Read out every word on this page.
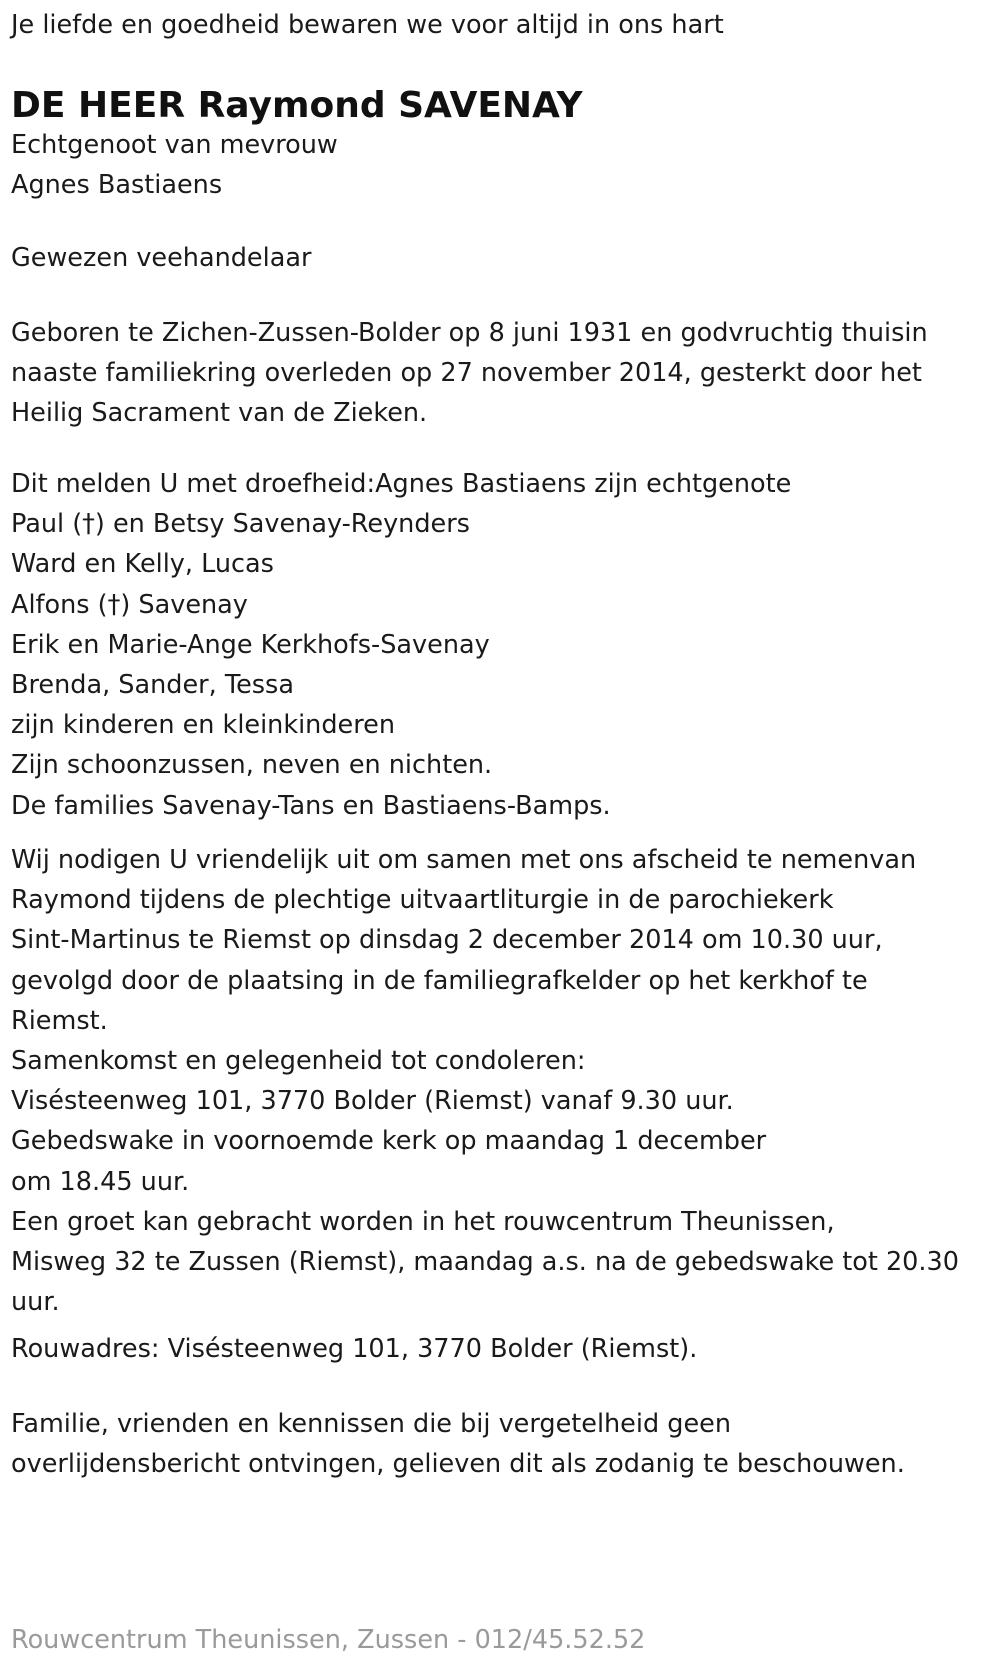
Je liefde en goedheid bewaren we voor altijd in ons hart
DE HEER Raymond SAVENAY
Echtgenoot van mevrouw
Agnes Bastiaens
Gewezen veehandelaar
Geboren te Zichen-Zussen-Bolder op 8 juni 1931 en godvruchtig thuisin
naaste familiekring overleden op 27 november 2014, gesterkt door het
Heilig Sacrament van de Zieken.
Dit melden U met droefheid:Agnes Bastiaens zijn echtgenote
Paul (†) en Betsy Savenay-Reynders
Ward en Kelly, Lucas
Alfons (†) Savenay
Erik en Marie-Ange Kerkhofs-Savenay
Brenda, Sander, Tessa
zijn kinderen en kleinkinderen
Zijn schoonzussen, neven en nichten.
De families Savenay-Tans en Bastiaens-Bamps.
Wij nodigen U vriendelijk uit om samen met ons afscheid te nemenvan
Raymond tijdens de plechtige uitvaartliturgie in de parochiekerk
Sint-Martinus te Riemst op dinsdag 2 december 2014 om 10.30 uur,
gevolgd door de plaatsing in de familiegrafkelder op het kerkhof te
Riemst.
Samenkomst en gelegenheid tot condoleren:
Visésteenweg 101, 3770 Bolder (Riemst) vanaf 9.30 uur.
Gebedswake in voornoemde kerk op maandag 1 december
om 18.45 uur.
Een groet kan gebracht worden in het rouwcentrum Theunissen,
Misweg 32 te Zussen (Riemst), maandag a.s. na de gebedswake tot 20.30
uur.
Rouwadres: Visésteenweg 101, 3770 Bolder (Riemst).
Familie, vrienden en kennissen die bij vergetelheid geen
overlijdensbericht ontvingen, gelieven dit als zodanig te beschouwen.
Rouwcentrum Theunissen, Zussen - 012/45.52.52
